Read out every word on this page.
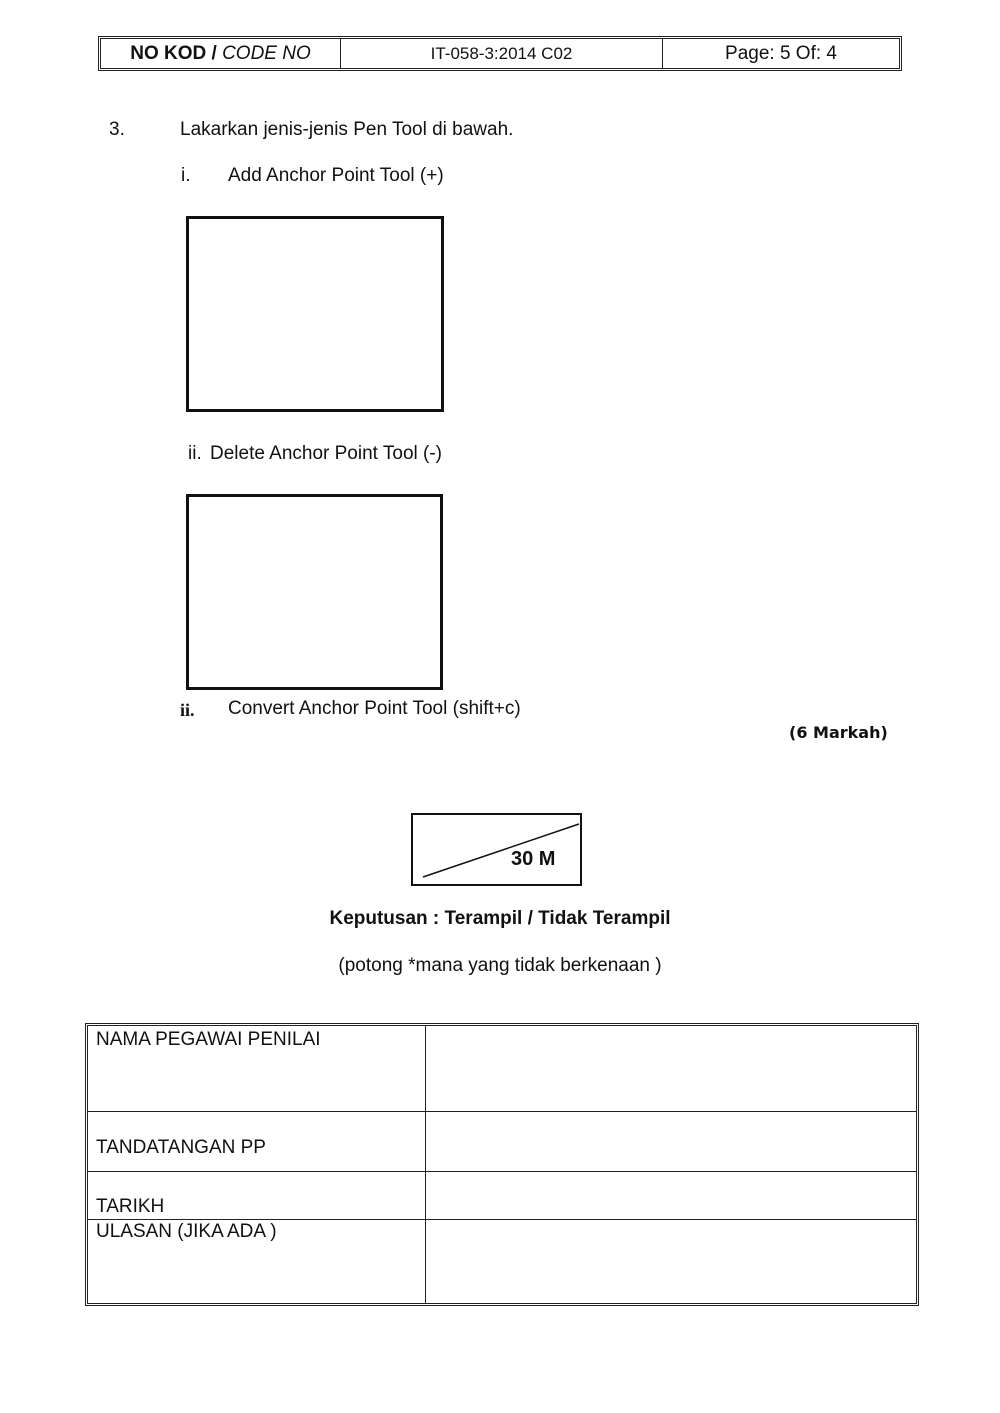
NO KOD /
CODE NO	IT-058-3:2014 C02	Page: 5 Of: 4
3.	Lakarkan jenis-jenis Pen Tool di bawah.
i. Add Anchor Point Tool (+)
ii. Delete Anchor Point Tool (-)
ii. Convert Anchor Point Tool (shift+c)
(6 Markah)
30 M
Keputusan : Terampil / Tidak Terampil
(potong *mana yang tidak berkenaan )
NAMA PEGAWAI PENILAI
TANDATANGAN PP
TARIKH
ULASAN (JIKA ADA )
